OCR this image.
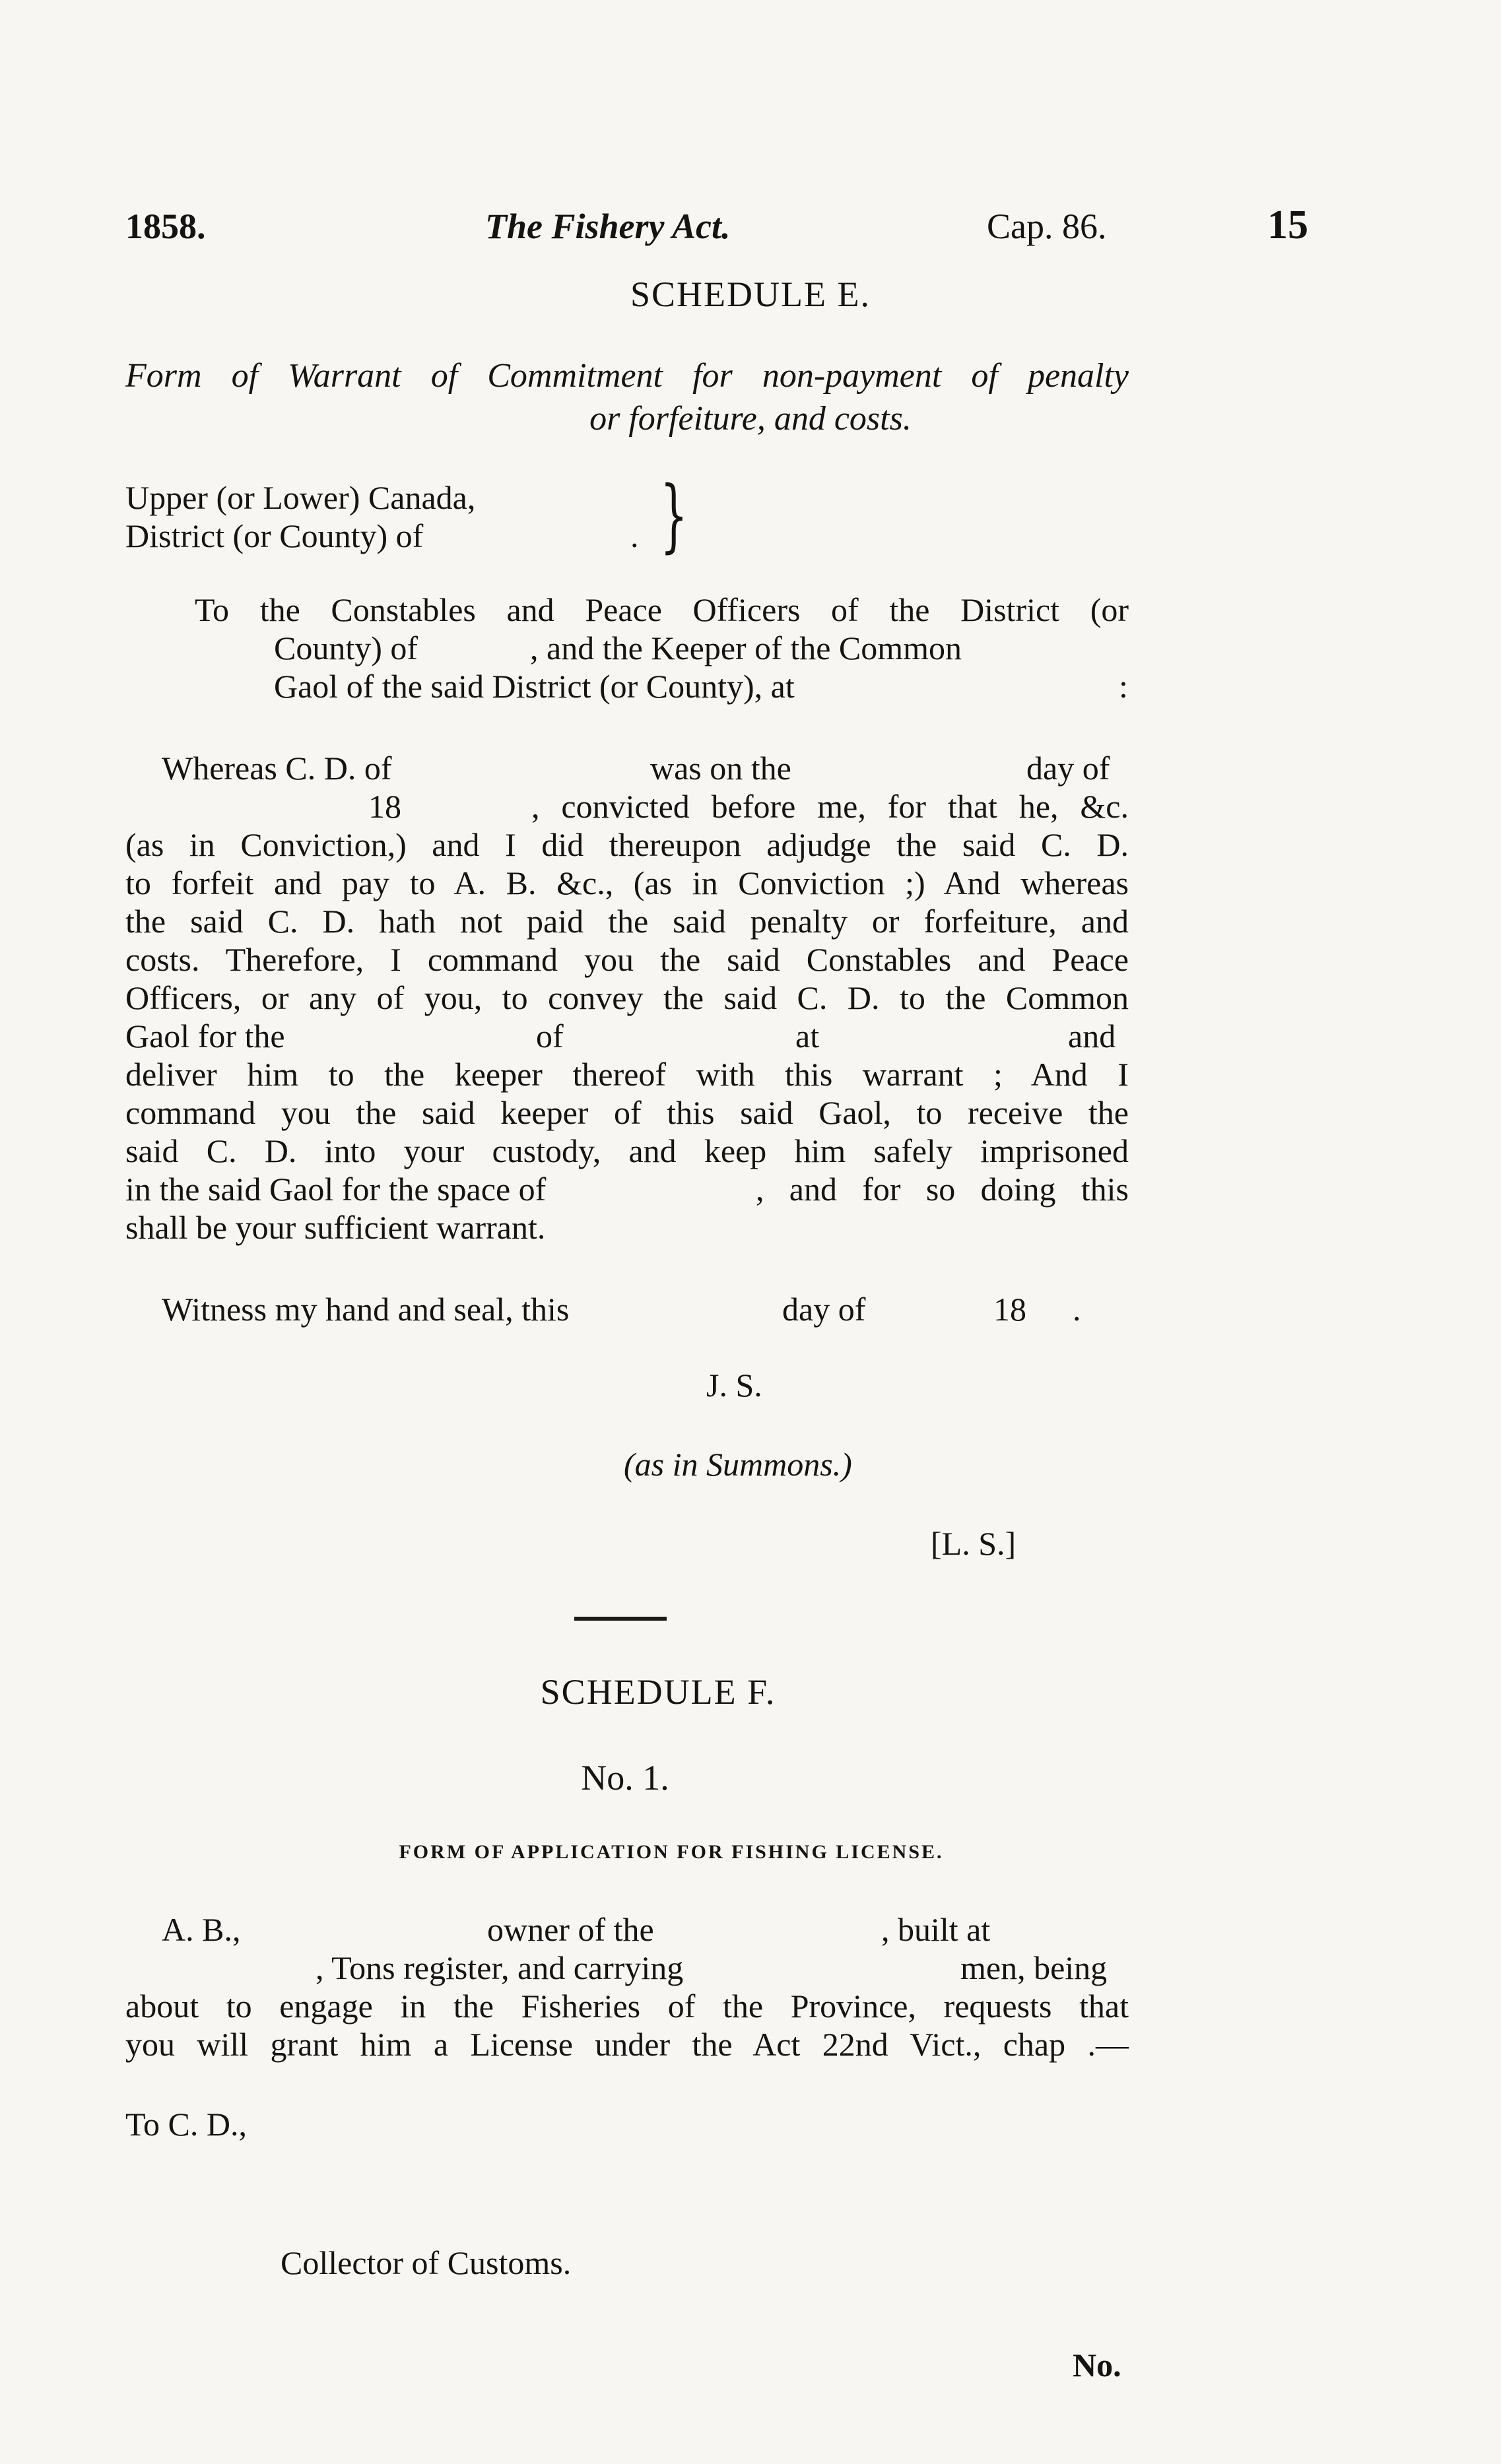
1858.	The Fishery Act.	Cap. 86.	15
SCHEDULE E.
Form of Warrant of Commitment for non-payment of penalty
or forfeiture, and costs.
Upper (or Lower) Canada,
District (or County) of	. }
To the Constables and Peace Officers of the District (or
County) of	, and the Keeper of the Common
Gaol of the said District (or County), at	:
Whereas C. D. of	was on the	day of
18	, convicted before me, for that he, &c.
(as in Conviction,) and I did thereupon adjudge the said C. D.
to forfeit and pay to A. B. &c., (as in Conviction ;) And whereas
the said C. D. hath not paid the said penalty or forfeiture, and
costs. Therefore, I command you the said Constables and Peace
Officers, or any of you, to convey the said C. D. to the Common
Gaol for the	of	at	and
deliver him to the keeper thereof with this warrant ; And I
command you the said keeper of this said Gaol, to receive the
said C. D. into your custody, and keep him safely imprisoned
in the said Gaol for the space of	, and for so doing this
shall be your sufficient warrant.
Witness my hand and seal, this	day of	18 .
J. S.
(as in Summons.)
[L. S.]
SCHEDULE F.
No. 1.
FORM OF APPLICATION FOR FISHING LICENSE.
A. B.,	owner of the	, built at
, Tons register, and carrying	men, being
about to engage in the Fisheries of the Province, requests that
you will grant him a License under the Act 22nd Vict., chap .—
To C. D.,
Collector of Customs.
No.
